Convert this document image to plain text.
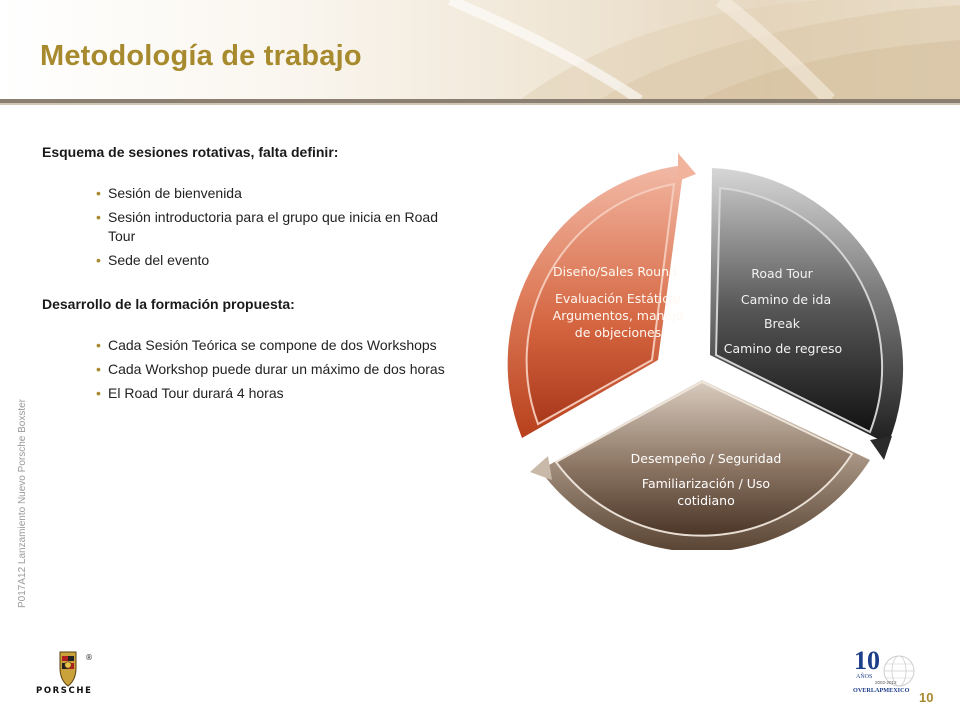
Metodología de trabajo

Esquema de sesiones rotativas, falta definir:

• Sesión de bienvenida
• Sesión introductoria para el grupo que inicia en Road Tour
• Sede del evento

Desarrollo de la formación propuesta:

• Cada Sesión Teórica se compone de dos Workshops
• Cada Workshop puede durar un máximo de dos horas
• El Road Tour durará 4 horas
P017A12 Lanzamiento Nuevo Porsche Boxster
Diseño/Sales Round
Evaluación Estática/ Argumentos, manejo de objeciones
Road Tour
Camino de ida
Break
Camino de regreso
Desempeño / Seguridad
Familiarización / Uso cotidiano
®
PORSCHE
10
AÑOS
2002-2012
OVERLAPMEXICO 10
